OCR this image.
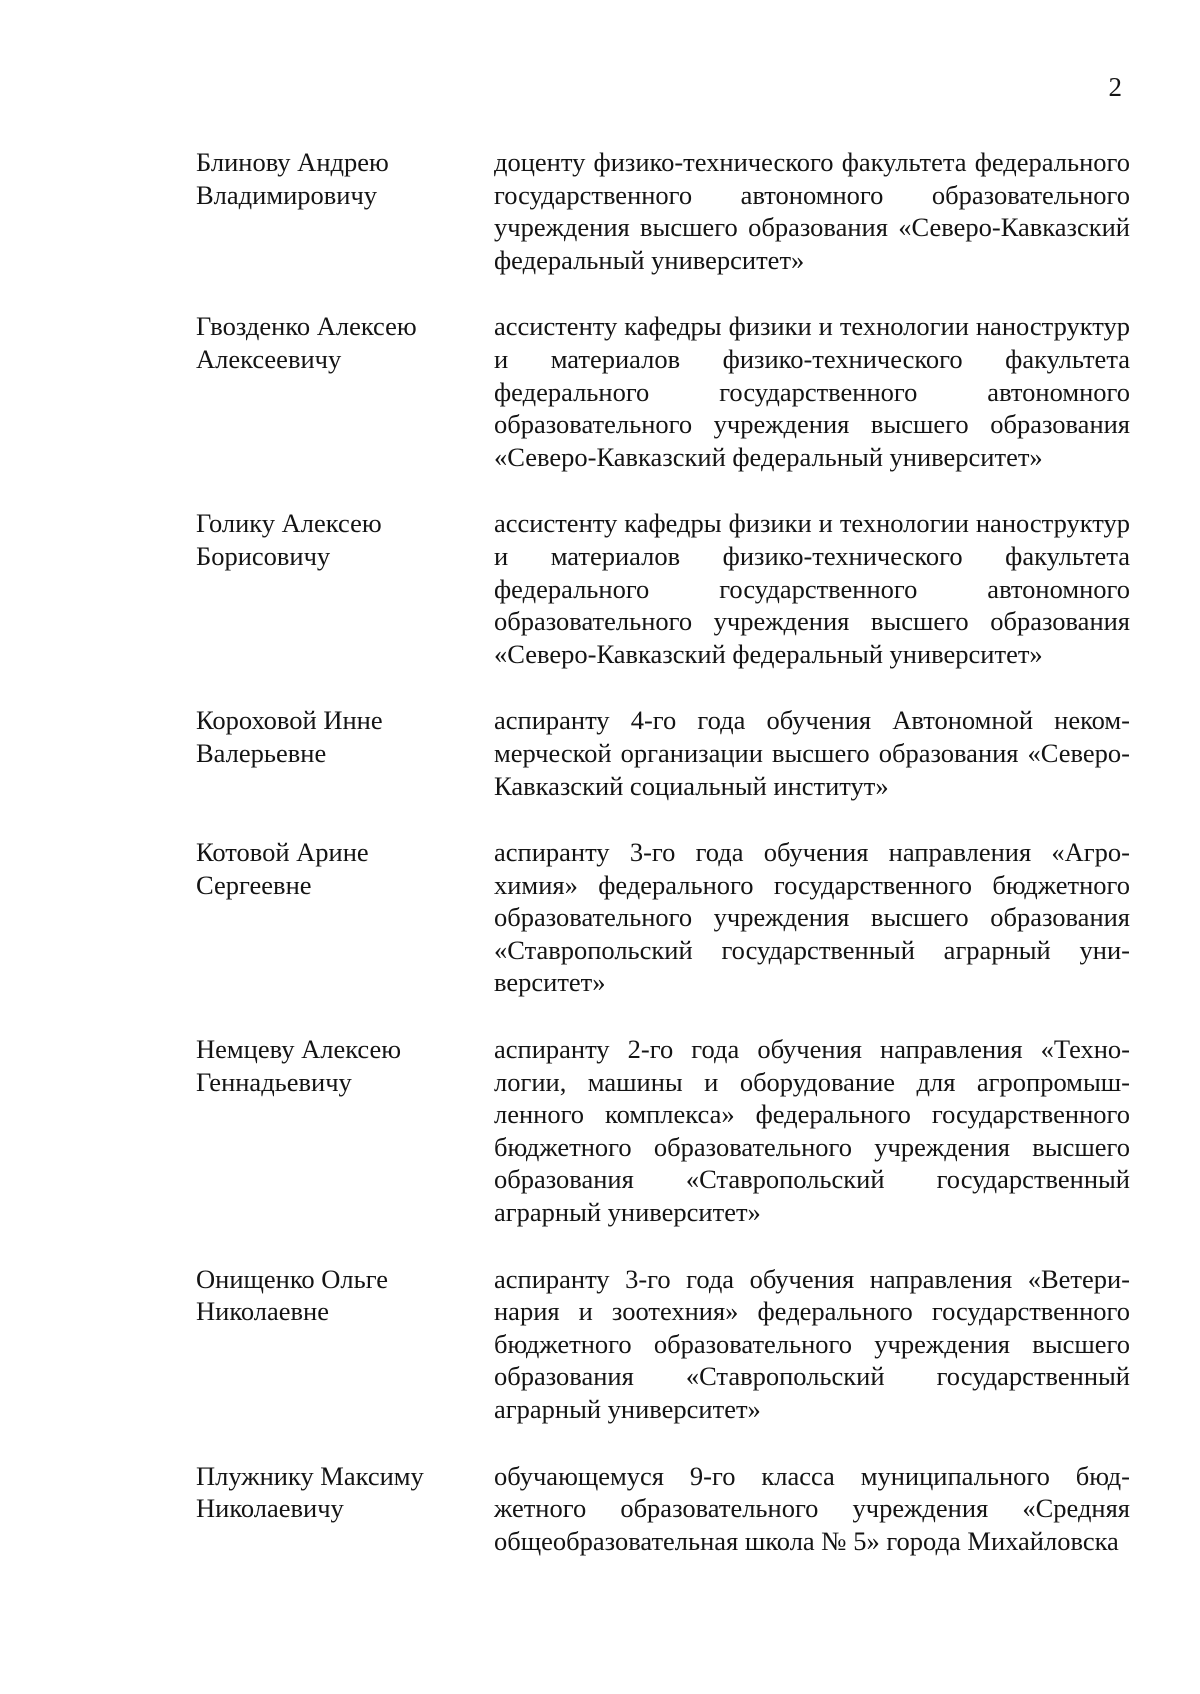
2
Блинову Андрею
Владимировичу
доценту физико-технического факультета федерального государственного автономного образовательного учреждения высшего образования «Северо-Кавказский федеральный университет»
Гвозденко Алексею
Алексеевичу
ассистенту кафедры физики и технологии наноструктур и материалов физико-технического факультета федерального государственного автономного образовательного учреждения высшего образования «Северо-Кавказский федеральный университет»
Голику Алексею
Борисовичу
ассистенту кафедры физики и технологии наноструктур и материалов физико-технического факультета федерального государственного автономного образовательного учреждения высшего образования «Северо-Кавказский федеральный университет»
Короховой Инне
Валерьевне
аспиранту 4-го года обучения Автономной некоммерческой организации высшего образования «Северо-Кавказский социальный институт»
Котовой Арине
Сергеевне
аспиранту 3-го года обучения направления «Агрохимия» федерального государственного бюджетного образовательного учреждения высшего образования «Ставропольский государственный аграрный университет»
Немцеву Алексею
Геннадьевичу
аспиранту 2-го года обучения направления «Технологии, машины и оборудование для агропромышленного комплекса» федерального государственного бюджетного образовательного учреждения высшего образования «Ставропольский государственный аграрный университет»
Онищенко Ольге
Николаевне
аспиранту 3-го года обучения направления «Ветеринария и зоотехния» федерального государственного бюджетного образовательного учреждения высшего образования «Ставропольский государственный аграрный университет»
Плужнику Максиму
Николаевичу
обучающемуся 9-го класса муниципального бюджетного образовательного учреждения «Средняя общеобразовательная школа № 5» города Михайловска
